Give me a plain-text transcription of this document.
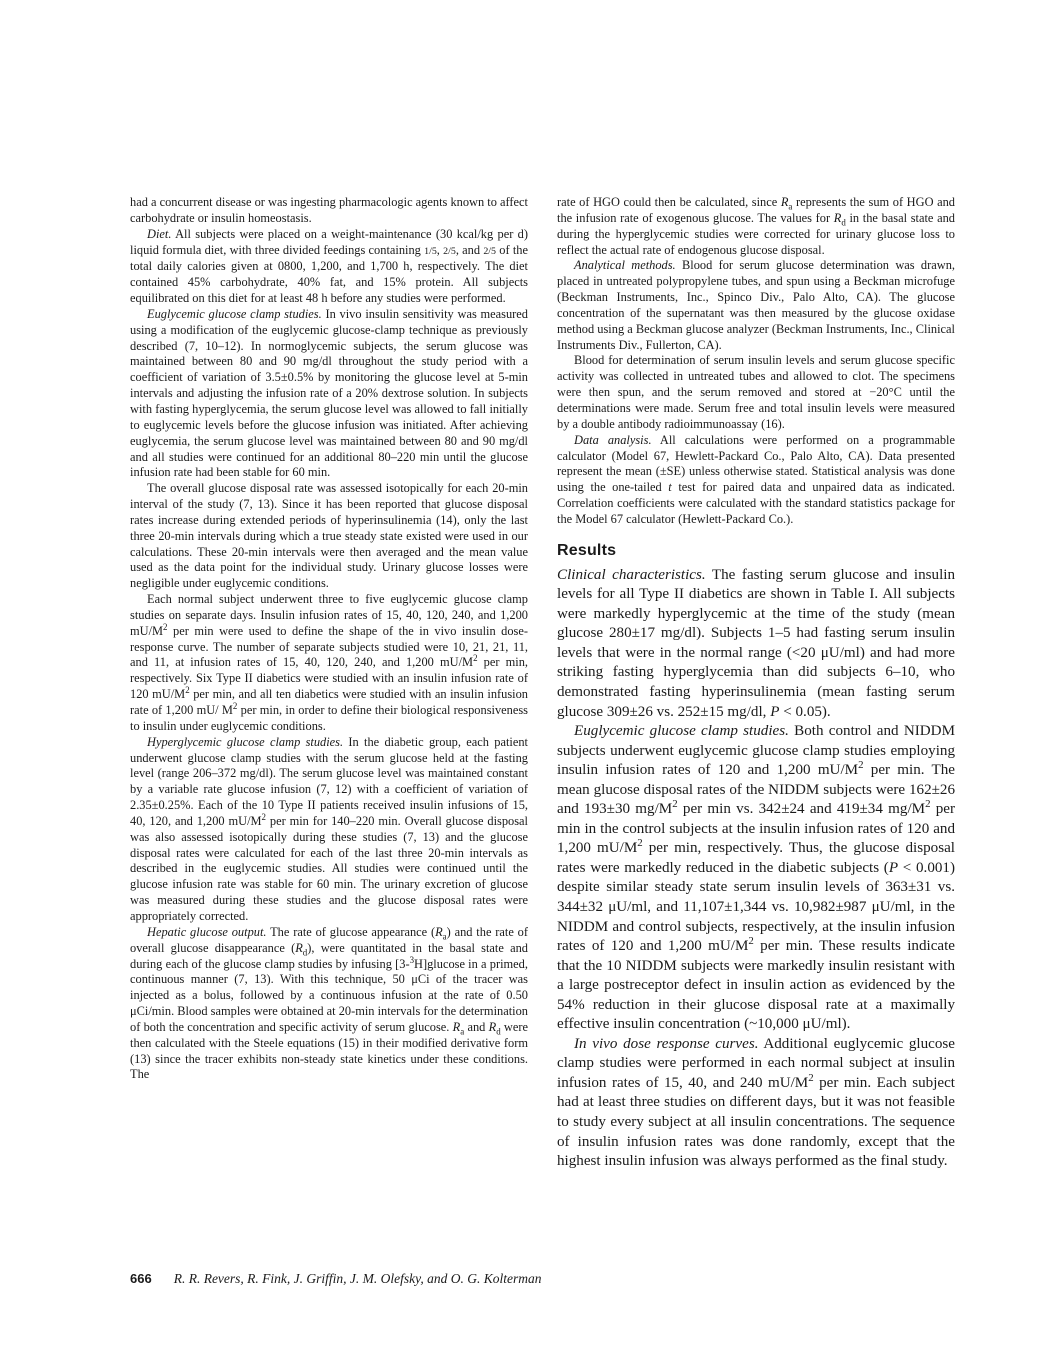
had a concurrent disease or was ingesting pharmacologic agents known to affect carbohydrate or insulin homeostasis.

Diet. All subjects were placed on a weight-maintenance (30 kcal/kg per d) liquid formula diet, with three divided feedings containing 1/5, 2/5, and 2/5 of the total daily calories given at 0800, 1,200, and 1,700 h, respectively. The diet contained 45% carbohydrate, 40% fat, and 15% protein. All subjects equilibrated on this diet for at least 48 h before any studies were performed.

Euglycemic glucose clamp studies. In vivo insulin sensitivity was measured using a modification of the euglycemic glucose-clamp technique as previously described (7, 10–12). In normoglycemic subjects, the serum glucose was maintained between 80 and 90 mg/dl throughout the study period with a coefficient of variation of 3.5±0.5% by monitoring the glucose level at 5-min intervals and adjusting the infusion rate of a 20% dextrose solution. In subjects with fasting hyperglycemia, the serum glucose level was allowed to fall initially to euglycemic levels before the glucose infusion was initiated. After achieving euglycemia, the serum glucose level was maintained between 80 and 90 mg/dl and all studies were continued for an additional 80–220 min until the glucose infusion rate had been stable for 60 min.

The overall glucose disposal rate was assessed isotopically for each 20-min interval of the study (7, 13). Since it has been reported that glucose disposal rates increase during extended periods of hyperinsulinemia (14), only the last three 20-min intervals during which a true steady state existed were used in our calculations. These 20-min intervals were then averaged and the mean value used as the data point for the individual study. Urinary glucose losses were negligible under euglycemic conditions.

Each normal subject underwent three to five euglycemic glucose clamp studies on separate days. Insulin infusion rates of 15, 40, 120, 240, and 1,200 $mU/M^2$ per min were used to define the shape of the in vivo insulin dose-response curve. The number of separate subjects studied were 10, 21, 21, 11, and 11, at infusion rates of 15, 40, 120, 240, and 1,200 $mU/M^2$ per min, respectively. Six Type II diabetics were studied with an insulin infusion rate of 120 $mU/M^2$ per min, and all ten diabetics were studied with an insulin infusion rate of 1,200 mU/ $M^2$ per min, in order to define their biological responsiveness to insulin under euglycemic conditions.

Hyperglycemic glucose clamp studies. In the diabetic group, each patient underwent glucose clamp studies with the serum glucose held at the fasting level (range 206–372 mg/dl). The serum glucose level was maintained constant by a variable rate glucose infusion (7, 12) with a coefficient of variation of 2.35±0.25%. Each of the 10 Type II patients received insulin infusions of 15, 40, 120, and 1,200 $mU/M^2$ per min for 140–220 min. Overall glucose disposal was also assessed isotopically during these studies (7, 13) and the glucose disposal rates were calculated for each of the last three 20-min intervals as described in the euglycemic studies. All studies were continued until the glucose infusion rate was stable for 60 min. The urinary excretion of glucose was measured during these studies and the glucose disposal rates were appropriately corrected.

Hepatic glucose output. The rate of glucose appearance $(R_a)$ and the rate of overall glucose disappearance $(R_d)$, were quantitated in the basal state and during each of the glucose clamp studies by infusing [3-$^3$H]glucose in a primed, continuous manner (7, 13). With this technique, 50 μCi of the tracer was injected as a bolus, followed by a continuous infusion at the rate of 0.50 μCi/min. Blood samples were obtained at 20-min intervals for the determination of both the concentration and specific activity of serum glucose. $R_a$ and $R_d$ were then calculated with the Steele equations (15) in their modified derivative form (13) since the tracer exhibits non-steady state kinetics under these conditions. The

rate of HGO could then be calculated, since $R_a$ represents the sum of HGO and the infusion rate of exogenous glucose. The values for $R_d$ in the basal state and during the hyperglycemic studies were corrected for urinary glucose loss to reflect the actual rate of endogenous glucose disposal.

Analytical methods. Blood for serum glucose determination was drawn, placed in untreated polypropylene tubes, and spun using a Beckman microfuge (Beckman Instruments, Inc., Spinco Div., Palo Alto, CA). The glucose concentration of the supernatant was then measured by the glucose oxidase method using a Beckman glucose analyzer (Beckman Instruments, Inc., Clinical Instruments Div., Fullerton, CA).

Blood for determination of serum insulin levels and serum glucose specific activity was collected in untreated tubes and allowed to clot. The specimens were then spun, and the serum removed and stored at −20°C until the determinations were made. Serum free and total insulin levels were measured by a double antibody radioimmunoassay (16).

Data analysis. All calculations were performed on a programmable calculator (Model 67, Hewlett-Packard Co., Palo Alto, CA). Data presented represent the mean (±SE) unless otherwise stated. Statistical analysis was done using the one-tailed t test for paired data and unpaired data as indicated. Correlation coefficients were calculated with the standard statistics package for the Model 67 calculator (Hewlett-Packard Co.).

Results

Clinical characteristics. The fasting serum glucose and insulin levels for all Type II diabetics are shown in Table I. All subjects were markedly hyperglycemic at the time of the study (mean glucose 280±17 mg/dl). Subjects 1–5 had fasting serum insulin levels that were in the normal range (<20 μU/ml) and had more striking fasting hyperglycemia than did subjects 6–10, who demonstrated fasting hyperinsulinemia (mean fasting serum glucose 309±26 vs. 252±15 mg/dl, P < 0.05).

Euglycemic glucose clamp studies. Both control and NIDDM subjects underwent euglycemic glucose clamp studies employing insulin infusion rates of 120 and 1,200 $mU/M^2$ per min. The mean glucose disposal rates of the NIDDM subjects were 162±26 and 193±30 $mg/M^2$ per min vs. 342±24 and 419±34 $mg/M^2$ per min in the control subjects at the insulin infusion rates of 120 and 1,200 $mU/M^2$ per min, respectively. Thus, the glucose disposal rates were markedly reduced in the diabetic subjects (P < 0.001) despite similar steady state serum insulin levels of 363±31 vs. 344±32 μU/ml, and 11,107±1,344 vs. 10,982±987 μU/ml, in the NIDDM and control subjects, respectively, at the insulin infusion rates of 120 and 1,200 $mU/M^2$ per min. These results indicate that the 10 NIDDM subjects were markedly insulin resistant with a large postreceptor defect in insulin action as evidenced by the 54% reduction in their glucose disposal rate at a maximally effective insulin concentration (~10,000 μU/ml).

In vivo dose response curves. Additional euglycemic glucose clamp studies were performed in each normal subject at insulin infusion rates of 15, 40, and 240 $mU/M^2$ per min. Each subject had at least three studies on different days, but it was not feasible to study every subject at all insulin concentrations. The sequence of insulin infusion rates was done randomly, except that the highest insulin infusion was always performed as the final study.

666 R. R. Revers, R. Fink, J. Griffin, J. M. Olefsky, and O. G. Kolterman
